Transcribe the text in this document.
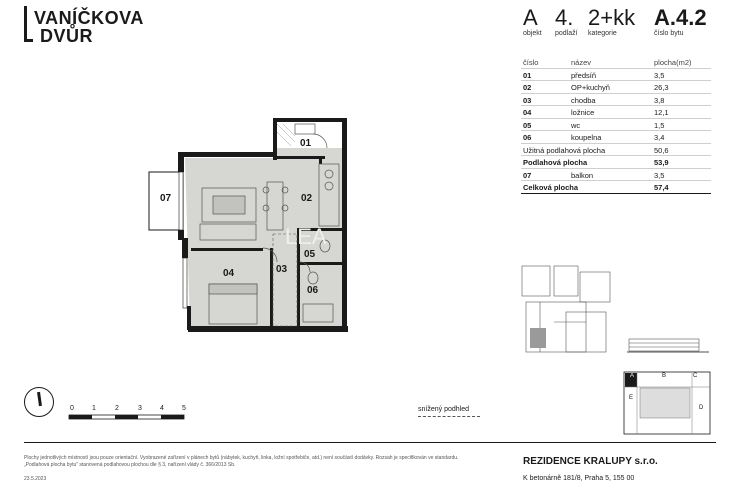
VANÍČKOVA
DVŮR
A
objekt
4.
podlaží
2+kk
kategorie
A.4.2
číslo bytu
číslo	název	plocha(m2)
01	předsíň	3,5
02	OP+kuchyň	26,3
03	chodba	3,8
04	ložnice	12,1
05	wc	1,5
06	koupelna	3,4
Užitná podlahová plocha	50,6
Podlahová plocha	53,9
07	balkon	3,5
Celková plocha	57,4
LEA
01
02
03
04
05
06
07
0	1	2	3	4	5	snížený podhled
A	B	C
D
E
Plochy jednotlivých místností jsou pouze orientační. Vyobrazené zařízení v plánech bytů (nábytek, kuchyň, linka, ložní spotřebiče, atd.) není součástí dodávky. Rozsah je specifikován ve standardu. „Podlahová plocha bytu" stanovená podlahovou plochou dle § 3, nařízení vlády č. 366/2013 Sb.
23.5.2023
REZIDENCE KRALUPY s.r.o.
K betonárně 181/8, Praha 5, 155 00
